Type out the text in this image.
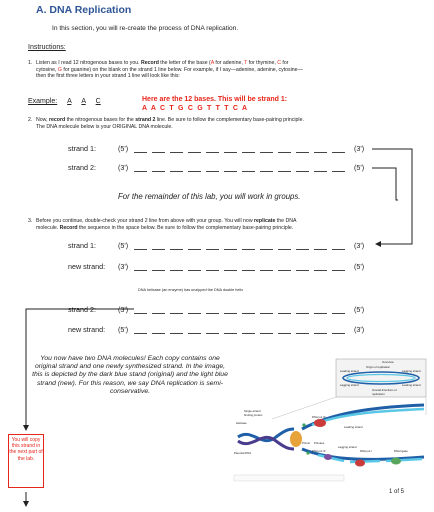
A. DNA Replication
In this section, you will re-create the process of DNA replication.
Instructions:
1. Listen as I read 12 nitrogenous bases to you. Record the letter of the base (A for adenine, T for thymine, C for
cytosine, G for guanine) on the blank on the strand 1 line below. For example, if I say—adenine, adenine, cytosine—
then the first three letters in your strand 1 line will look like this:
Example: A A C	Here are the 12 bases. This will be strand 1:
A A C T G C G T T T C A
2. Now, record the nitrogenous bases for the strand 2 line. Be sure to follow the complementary base-pairing principle.
The DNA molecule below is your ORIGINAL DNA molecule.
strand 1:	(5')	(3')
strand 2:	(3')	(5')
For the remainder of this lab, you will work in groups.
3. Before you continue, double-check your strand 2 line from above with your group. You will now replicate the DNA
molecule. Record the sequence in the space below. Be sure to follow the complementary base-pairing principle.
strand 1:	(5')	(3')
new strand: (3')	(5')
DNA helicase (an enzyme) has unzipped the DNA double helix
strand 2:	(3')	(5')
new strand: (5')	(3')
You now have two DNA molecules! Each copy contains one original strand and one newly synthesized strand. In the image, this is depicted by the dark blue stand (original) and the light blue strand (new). For this reason, we say DNA replication is semi-conservative.
You will copy this strand in the next part of the lab.
Overview
Origin of replication
Leading strand	Lagging strand
Lagging strand	Leading strand
Overall directions of replication
Single-strand binding protein
Helicase
Parental DNA
DNA pol III
Leading strand
Primer Primase
DNA pol III
Lagging strand
DNA pol I	DNA ligase
1 of 5
